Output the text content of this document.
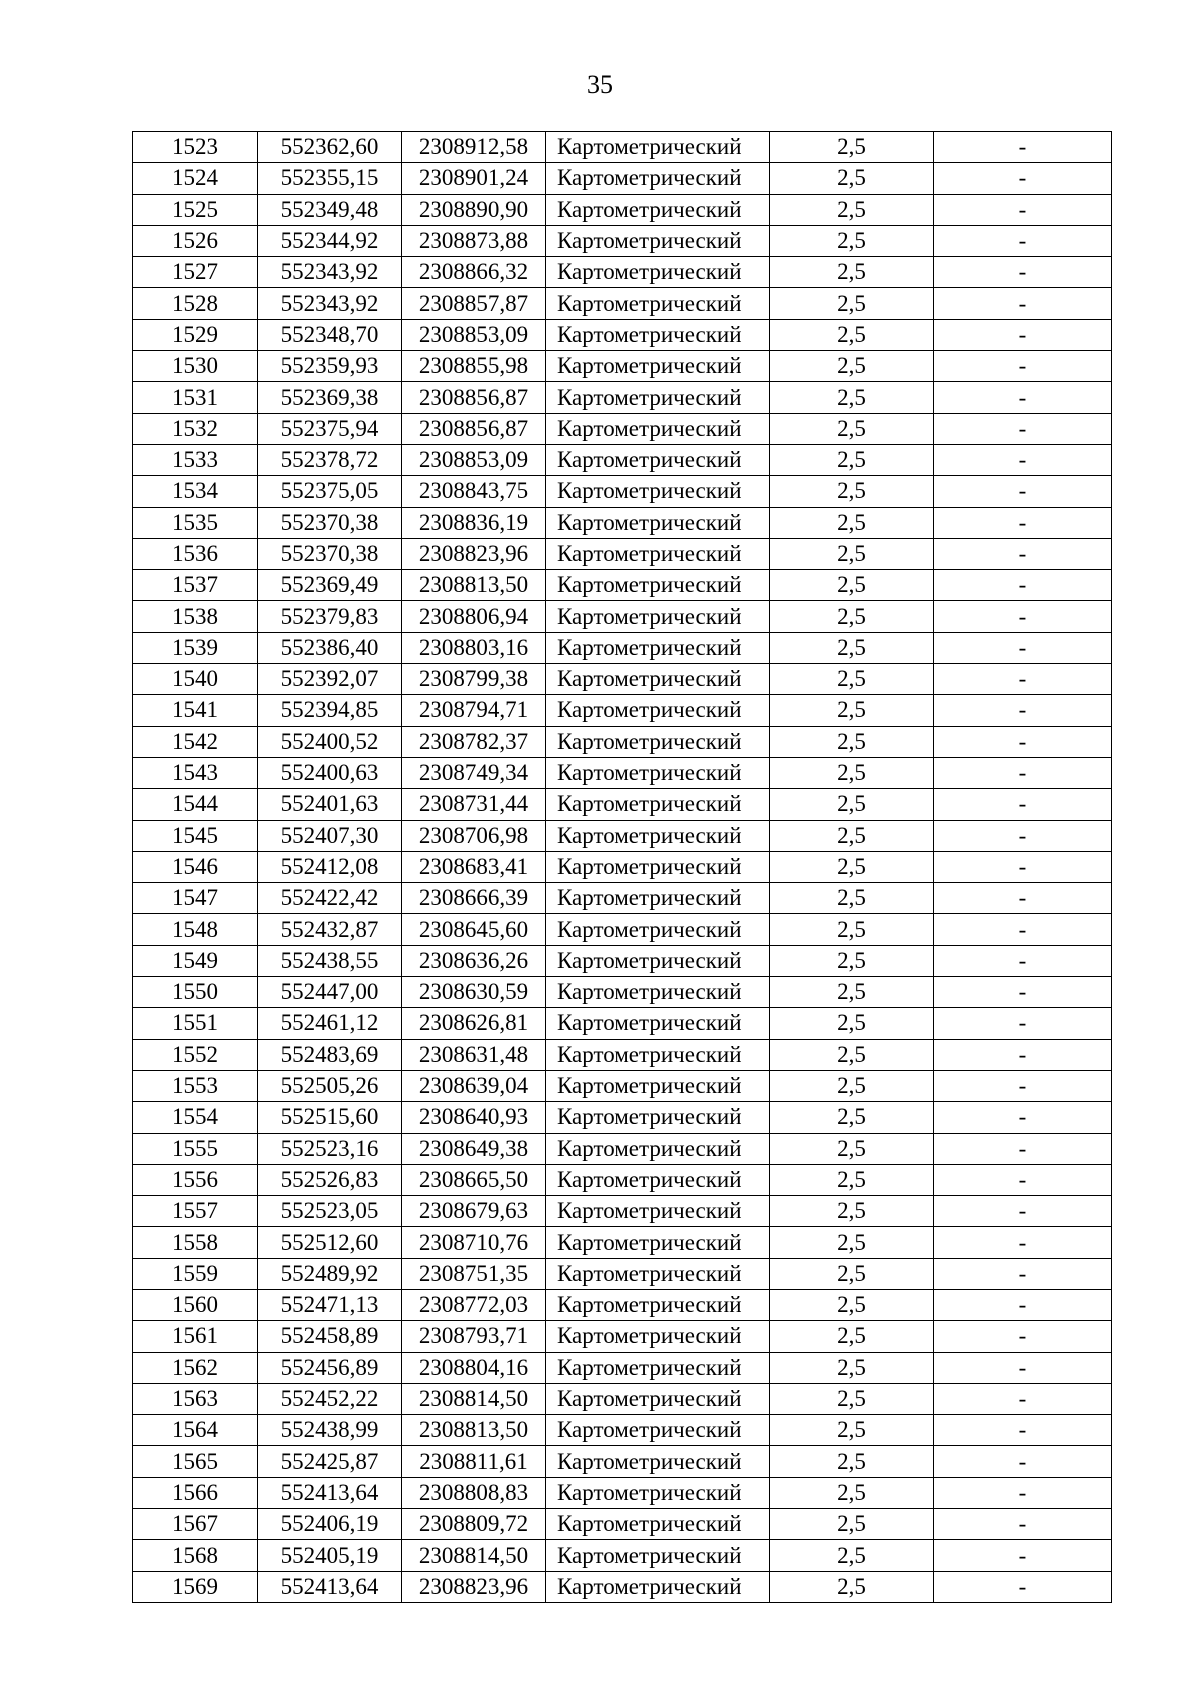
35
1523	552362,60	2308912,58	Картометрический	2,5	-
1524	552355,15	2308901,24	Картометрический	2,5	-
1525	552349,48	2308890,90	Картометрический	2,5	-
1526	552344,92	2308873,88	Картометрический	2,5	-
1527	552343,92	2308866,32	Картометрический	2,5	-
1528	552343,92	2308857,87	Картометрический	2,5	-
1529	552348,70	2308853,09	Картометрический	2,5	-
1530	552359,93	2308855,98	Картометрический	2,5	-
1531	552369,38	2308856,87	Картометрический	2,5	-
1532	552375,94	2308856,87	Картометрический	2,5	-
1533	552378,72	2308853,09	Картометрический	2,5	-
1534	552375,05	2308843,75	Картометрический	2,5	-
1535	552370,38	2308836,19	Картометрический	2,5	-
1536	552370,38	2308823,96	Картометрический	2,5	-
1537	552369,49	2308813,50	Картометрический	2,5	-
1538	552379,83	2308806,94	Картометрический	2,5	-
1539	552386,40	2308803,16	Картометрический	2,5	-
1540	552392,07	2308799,38	Картометрический	2,5	-
1541	552394,85	2308794,71	Картометрический	2,5	-
1542	552400,52	2308782,37	Картометрический	2,5	-
1543	552400,63	2308749,34	Картометрический	2,5	-
1544	552401,63	2308731,44	Картометрический	2,5	-
1545	552407,30	2308706,98	Картометрический	2,5	-
1546	552412,08	2308683,41	Картометрический	2,5	-
1547	552422,42	2308666,39	Картометрический	2,5	-
1548	552432,87	2308645,60	Картометрический	2,5	-
1549	552438,55	2308636,26	Картометрический	2,5	-
1550	552447,00	2308630,59	Картометрический	2,5	-
1551	552461,12	2308626,81	Картометрический	2,5	-
1552	552483,69	2308631,48	Картометрический	2,5	-
1553	552505,26	2308639,04	Картометрический	2,5	-
1554	552515,60	2308640,93	Картометрический	2,5	-
1555	552523,16	2308649,38	Картометрический	2,5	-
1556	552526,83	2308665,50	Картометрический	2,5	-
1557	552523,05	2308679,63	Картометрический	2,5	-
1558	552512,60	2308710,76	Картометрический	2,5	-
1559	552489,92	2308751,35	Картометрический	2,5	-
1560	552471,13	2308772,03	Картометрический	2,5	-
1561	552458,89	2308793,71	Картометрический	2,5	-
1562	552456,89	2308804,16	Картометрический	2,5	-
1563	552452,22	2308814,50	Картометрический	2,5	-
1564	552438,99	2308813,50	Картометрический	2,5	-
1565	552425,87	2308811,61	Картометрический	2,5	-
1566	552413,64	2308808,83	Картометрический	2,5	-
1567	552406,19	2308809,72	Картометрический	2,5	-
1568	552405,19	2308814,50	Картометрический	2,5	-
1569	552413,64	2308823,96	Картометрический	2,5	-
